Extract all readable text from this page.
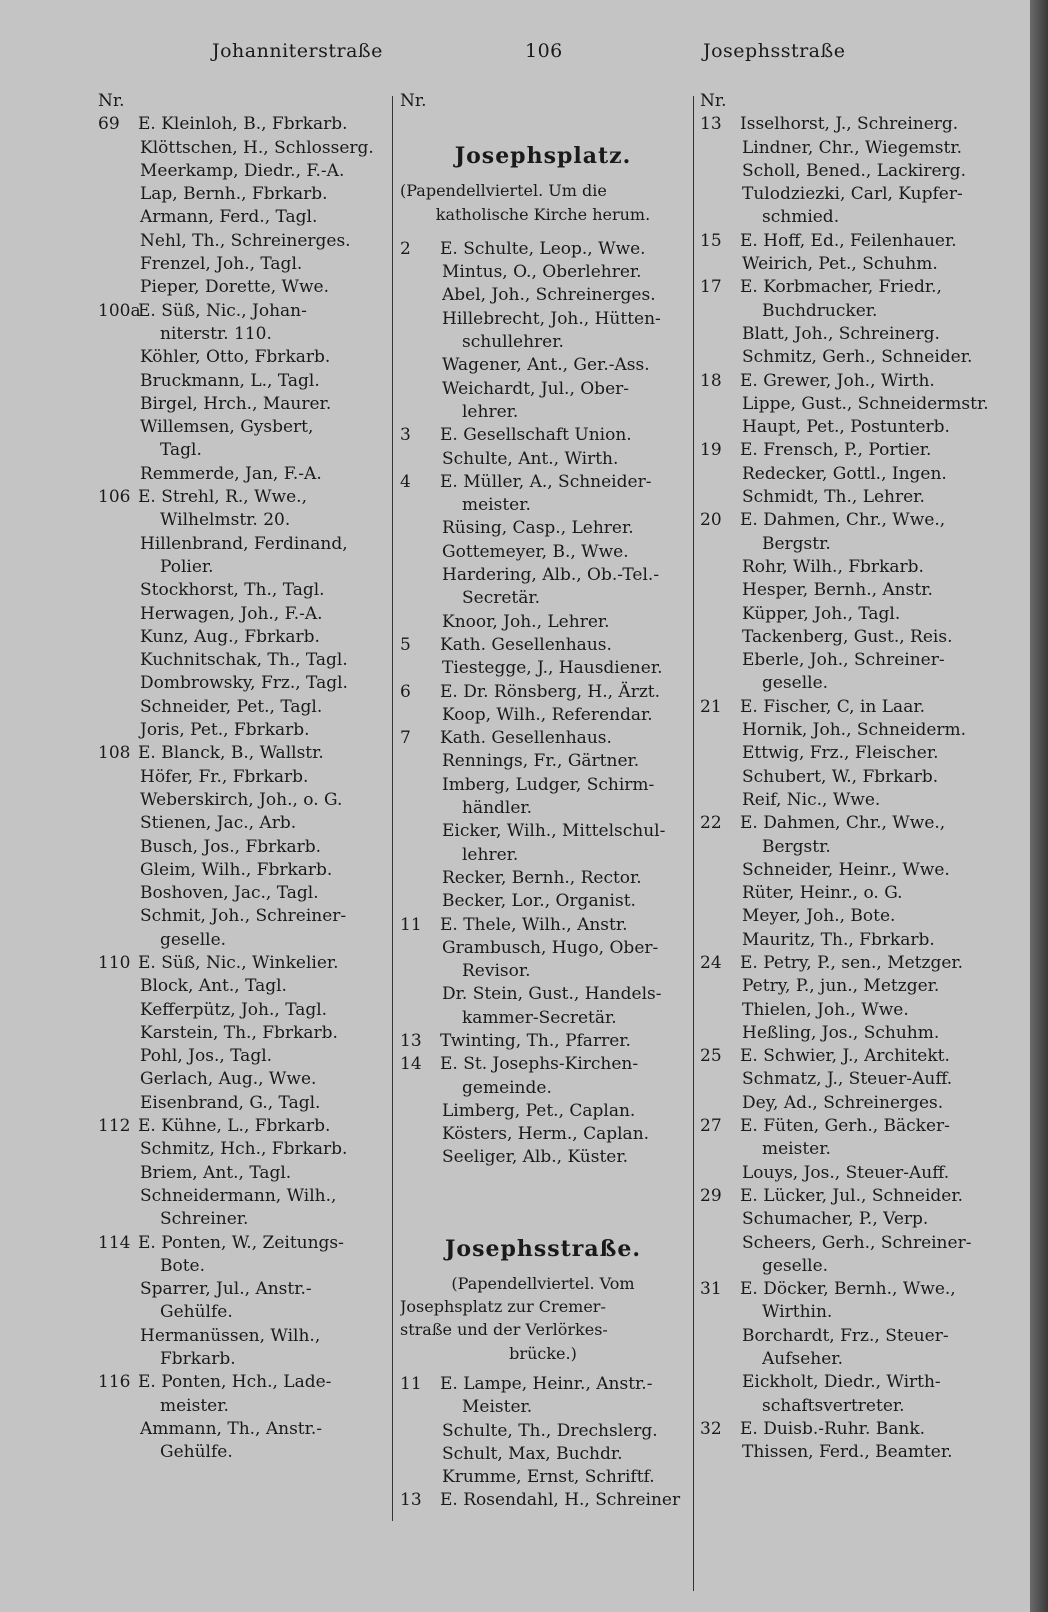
Johanniterstraße	106	Josephsstraße
Nr.
69 E. Kleinloh, B., Fbrkarb.
Klöttschen, H., Schlosserg.
Meerkamp, Diedr., F.-A.
Lap, Bernh., Fbrkarb.
Armann, Ferd., Tagl.
Nehl, Th., Schreinerges.
Frenzel, Joh., Tagl.
Pieper, Dorette, Wwe.
100aE. Süß, Nic., Johan-
niterstr. 110.
Köhler, Otto, Fbrkarb.
Bruckmann, L., Tagl.
Birgel, Hrch., Maurer.
Willemsen, Gysbert,
Tagl.
Remmerde, Jan, F.-A.
106 E. Strehl, R., Wwe.,
Wilhelmstr. 20.
Hillenbrand, Ferdinand,
Polier.
Stockhorst, Th., Tagl.
Herwagen, Joh., F.-A.
Kunz, Aug., Fbrkarb.
Kuchnitschak, Th., Tagl.
Dombrowsky, Frz., Tagl.
Schneider, Pet., Tagl.
Joris, Pet., Fbrkarb.
108 E. Blanck, B., Wallstr.
Höfer, Fr., Fbrkarb.
Weberskirch, Joh., o. G.
Stienen, Jac., Arb.
Busch, Jos., Fbrkarb.
Gleim, Wilh., Fbrkarb.
Boshoven, Jac., Tagl.
Schmit, Joh., Schreiner-
geselle.
110 E. Süß, Nic., Winkelier.
Block, Ant., Tagl.
Kefferpütz, Joh., Tagl.
Karstein, Th., Fbrkarb.
Pohl, Jos., Tagl.
Gerlach, Aug., Wwe.
Eisenbrand, G., Tagl.
112 E. Kühne, L., Fbrkarb.
Schmitz, Hch., Fbrkarb.
Briem, Ant., Tagl.
Schneidermann, Wilh.,
Schreiner.
114 E. Ponten, W., Zeitungs-
Bote.
Sparrer, Jul., Anstr.-
Gehülfe.
Hermanüssen, Wilh.,
Fbrkarb.
116 E. Ponten, Hch., Lade-
meister.
Ammann, Th., Anstr.-
Gehülfe.
Nr.
Josephsplatz.
(Papendellviertel. Um die
katholische Kirche herum.
2 E. Schulte, Leop., Wwe.
Mintus, O., Oberlehrer.
Abel, Joh., Schreinerges.
Hillebrecht, Joh., Hütten-
schullehrer.
Wagener, Ant., Ger.-Ass.
Weichardt, Jul., Ober-
lehrer.
3 E. Gesellschaft Union.
Schulte, Ant., Wirth.
4 E. Müller, A., Schneider-
meister.
Rüsing, Casp., Lehrer.
Gottemeyer, B., Wwe.
Hardering, Alb., Ob.-Tel.-
Secretär.
Knoor, Joh., Lehrer.
5 Kath. Gesellenhaus.
Tiestegge, J., Hausdiener.
6 E. Dr. Rönsberg, H., Ärzt.
Koop, Wilh., Referendar.
7 Kath. Gesellenhaus.
Rennings, Fr., Gärtner.
Imberg, Ludger, Schirm-
händler.
Eicker, Wilh., Mittelschul-
lehrer.
Recker, Bernh., Rector.
Becker, Lor., Organist.
11 E. Thele, Wilh., Anstr.
Grambusch, Hugo, Ober-
Revisor.
Dr. Stein, Gust., Handels-
kammer-Secretär.
13 Twinting, Th., Pfarrer.
14 E. St. Josephs-Kirchen-
gemeinde.
Limberg, Pet., Caplan.
Kösters, Herm., Caplan.
Seeliger, Alb., Küster.
Josephsstraße.
(Papendellviertel. Vom
Josephsplatz zur Cremer-
straße und der Verlörkes-
brücke.)
11 E. Lampe, Heinr., Anstr.-
Meister.
Schulte, Th., Drechslerg.
Schult, Max, Buchdr.
Krumme, Ernst, Schriftf.
13 E. Rosendahl, H., Schreiner
Nr.
13 Isselhorst, J., Schreinerg.
Lindner, Chr., Wiegemstr.
Scholl, Bened., Lackirerg.
Tulodziezki, Carl, Kupfer-
schmied.
15 E. Hoff, Ed., Feilenhauer.
Weirich, Pet., Schuhm.
17 E. Korbmacher, Friedr.,
Buchdrucker.
Blatt, Joh., Schreinerg.
Schmitz, Gerh., Schneider.
18 E. Grewer, Joh., Wirth.
Lippe, Gust., Schneidermstr.
Haupt, Pet., Postunterb.
19 E. Frensch, P., Portier.
Redecker, Gottl., Ingen.
Schmidt, Th., Lehrer.
20 E. Dahmen, Chr., Wwe.,
Bergstr.
Rohr, Wilh., Fbrkarb.
Hesper, Bernh., Anstr.
Küpper, Joh., Tagl.
Tackenberg, Gust., Reis.
Eberle, Joh., Schreiner-
geselle.
21 E. Fischer, C, in Laar.
Hornik, Joh., Schneiderm.
Ettwig, Frz., Fleischer.
Schubert, W., Fbrkarb.
Reif, Nic., Wwe.
22 E. Dahmen, Chr., Wwe.,
Bergstr.
Schneider, Heinr., Wwe.
Rüter, Heinr., o. G.
Meyer, Joh., Bote.
Mauritz, Th., Fbrkarb.
24 E. Petry, P., sen., Metzger.
Petry, P., jun., Metzger.
Thielen, Joh., Wwe.
Heßling, Jos., Schuhm.
25 E. Schwier, J., Architekt.
Schmatz, J., Steuer-Auff.
Dey, Ad., Schreinerges.
27 E. Füten, Gerh., Bäcker-
meister.
Louys, Jos., Steuer-Auff.
29 E. Lücker, Jul., Schneider.
Schumacher, P., Verp.
Scheers, Gerh., Schreiner-
geselle.
31 E. Döcker, Bernh., Wwe.,
Wirthin.
Borchardt, Frz., Steuer-
Aufseher.
Eickholt, Diedr., Wirth-
schaftsvertreter.
32 E. Duisb.-Ruhr. Bank.
Thissen, Ferd., Beamter.
